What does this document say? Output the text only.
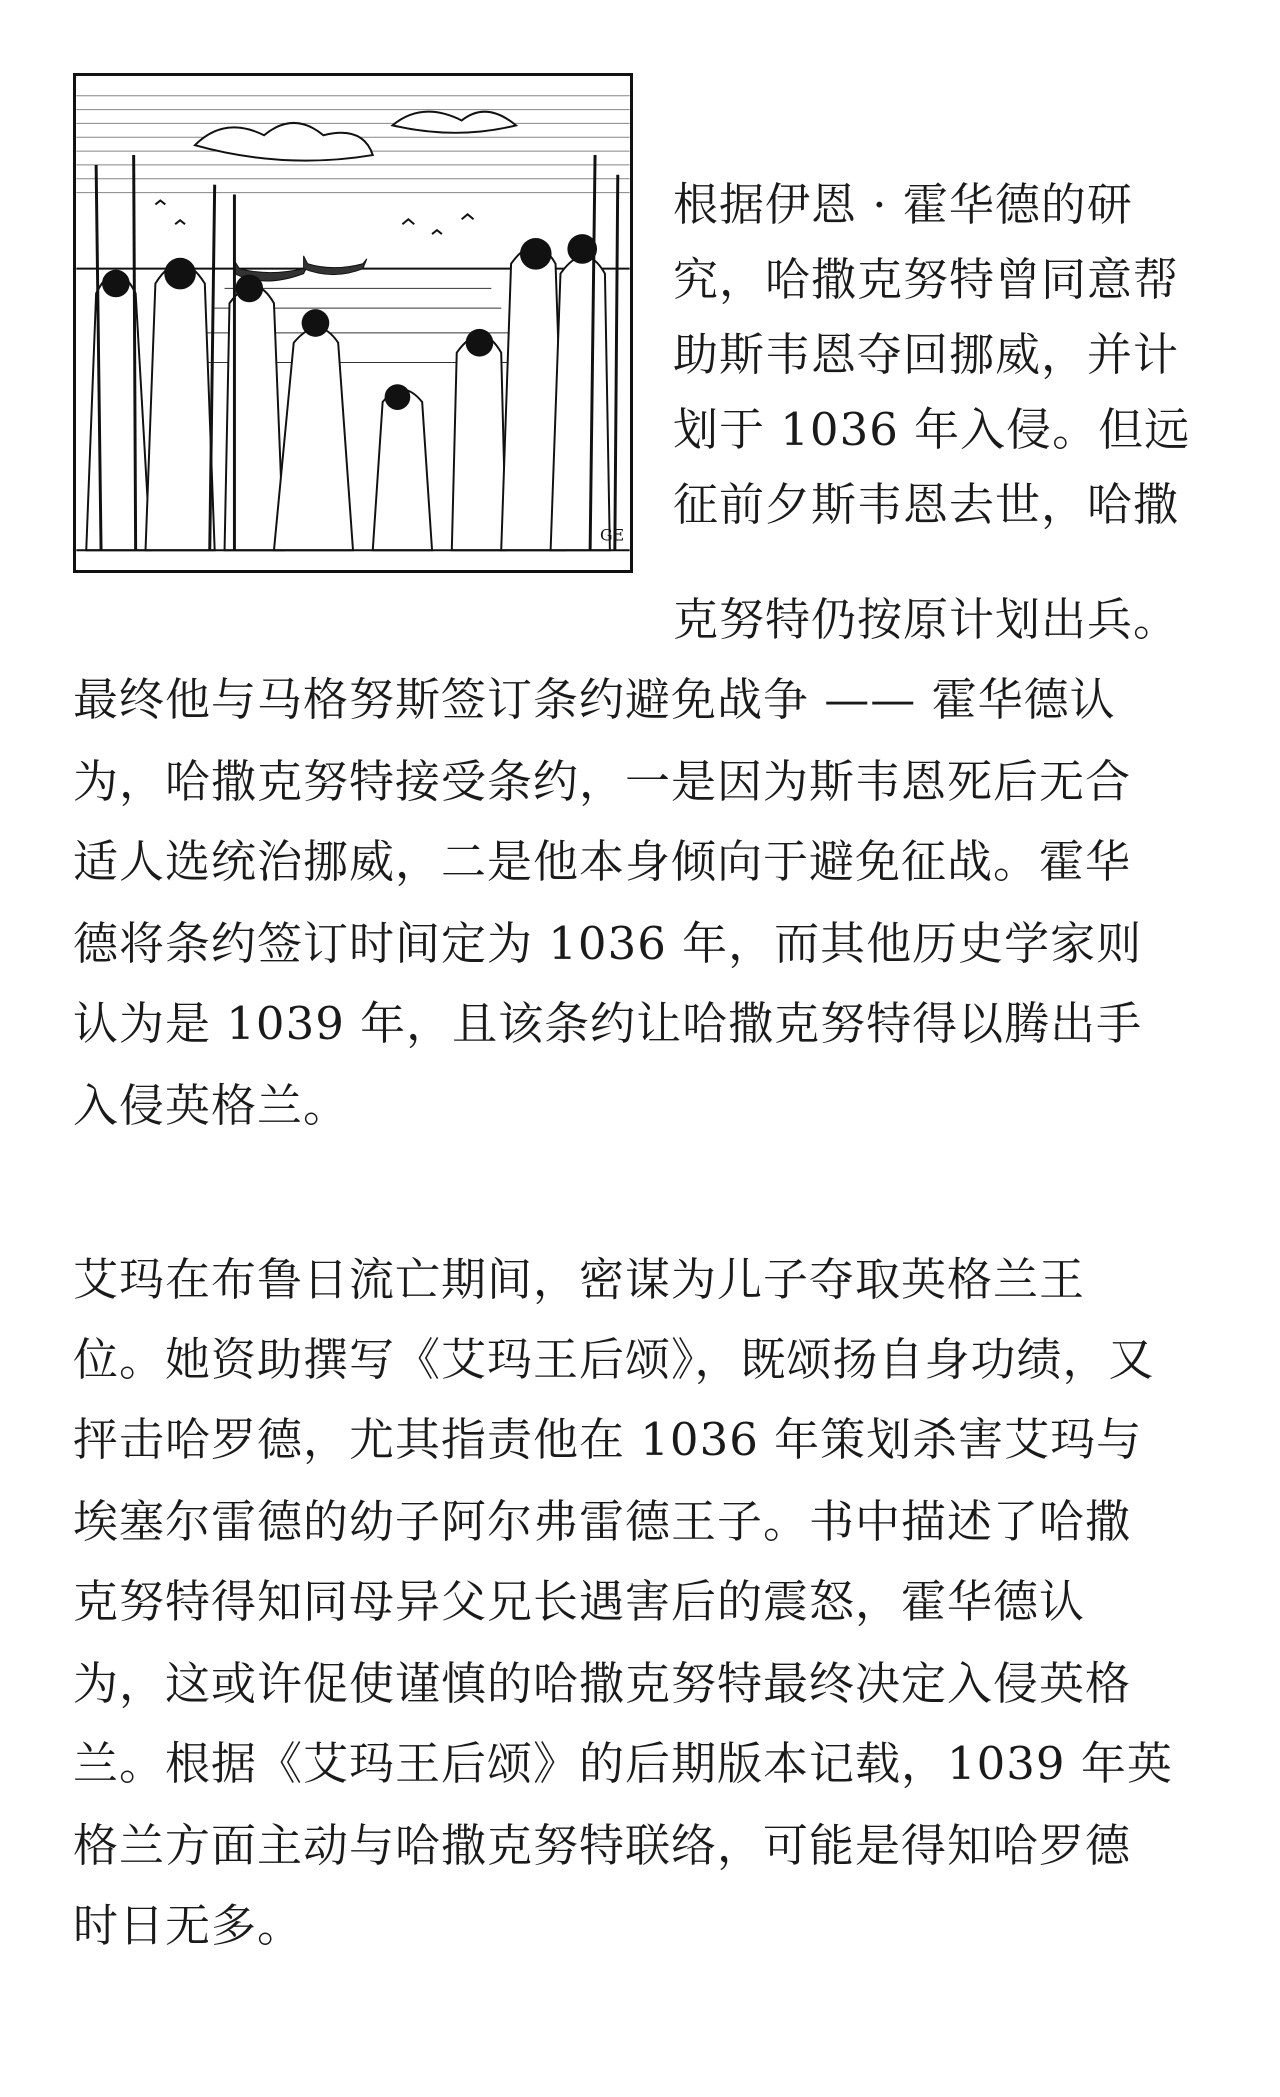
GE
根据伊恩 · 霍华德的研
究，哈撒克努特曾同意帮
助斯韦恩夺回挪威，并计
划于 1036 年入侵。但远
征前夕斯韦恩去世，哈撒
克努特仍按原计划出兵。
最终他与马格努斯签订条约避免战争 —— 霍华德认
为，哈撒克努特接受条约，一是因为斯韦恩死后无合
适人选统治挪威，二是他本身倾向于避免征战。霍华
德将条约签订时间定为 1036 年，而其他历史学家则
认为是 1039 年，且该条约让哈撒克努特得以腾出手
入侵英格兰。
艾玛在布鲁日流亡期间，密谋为儿子夺取英格兰王
位。她资助撰写《艾玛王后颂》，既颂扬自身功绩，又
抨击哈罗德，尤其指责他在 1036 年策划杀害艾玛与
埃塞尔雷德的幼子阿尔弗雷德王子。书中描述了哈撒
克努特得知同母异父兄长遇害后的震怒，霍华德认
为，这或许促使谨慎的哈撒克努特最终决定入侵英格
兰。根据《艾玛王后颂》的后期版本记载，1039 年英
格兰方面主动与哈撒克努特联络，可能是得知哈罗德
时日无多。
